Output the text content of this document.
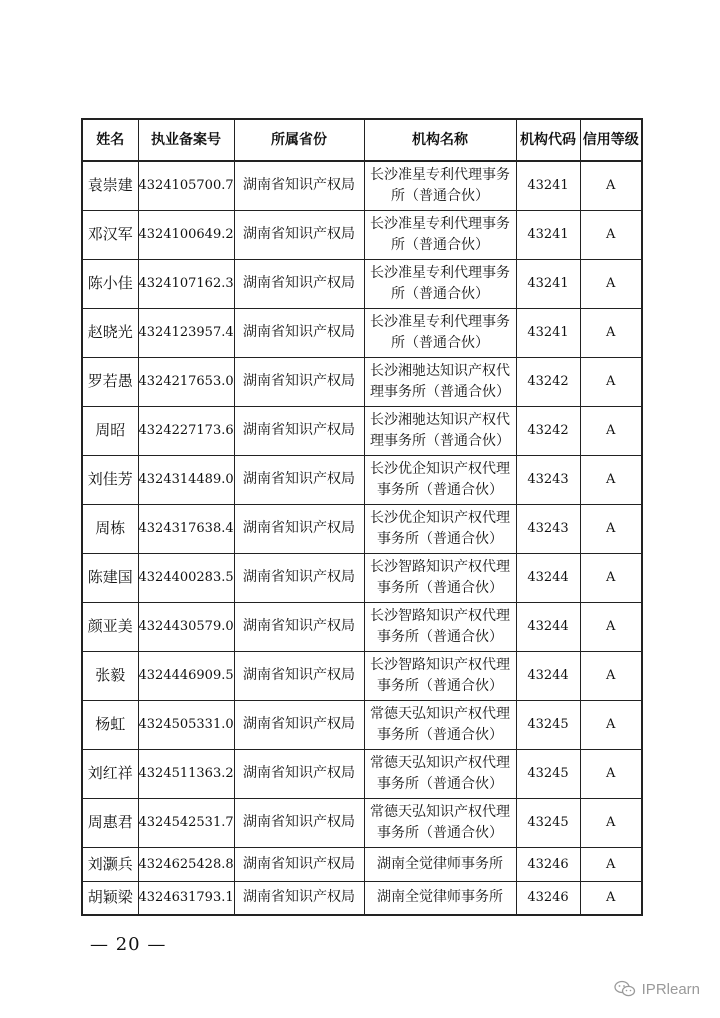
姓名	执业备案号	所属省份	机构名称	机构代码	信用等级
袁崇建	4324105700.7	湖南省知识产权局	长沙准星专利代理事务所（普通合伙）	43241	A
邓汉军	4324100649.2	湖南省知识产权局	长沙准星专利代理事务所（普通合伙）	43241	A
陈小佳	4324107162.3	湖南省知识产权局	长沙准星专利代理事务所（普通合伙）	43241	A
赵晓光	4324123957.4	湖南省知识产权局	长沙准星专利代理事务所（普通合伙）	43241	A
罗若愚	4324217653.0	湖南省知识产权局	长沙湘驰达知识产权代理事务所（普通合伙）	43242	A
周昭	4324227173.6	湖南省知识产权局	长沙湘驰达知识产权代理事务所（普通合伙）	43242	A
刘佳芳	4324314489.0	湖南省知识产权局	长沙优企知识产权代理事务所（普通合伙）	43243	A
周栋	4324317638.4	湖南省知识产权局	长沙优企知识产权代理事务所（普通合伙）	43243	A
陈建国	4324400283.5	湖南省知识产权局	长沙智路知识产权代理事务所（普通合伙）	43244	A
颜亚美	4324430579.0	湖南省知识产权局	长沙智路知识产权代理事务所（普通合伙）	43244	A
张毅	4324446909.5	湖南省知识产权局	长沙智路知识产权代理事务所（普通合伙）	43244	A
杨虹	4324505331.0	湖南省知识产权局	常德天弘知识产权代理事务所（普通合伙）	43245	A
刘红祥	4324511363.2	湖南省知识产权局	常德天弘知识产权代理事务所（普通合伙）	43245	A
周惠君	4324542531.7	湖南省知识产权局	常德天弘知识产权代理事务所（普通合伙）	43245	A
刘灏兵	4324625428.8	湖南省知识产权局	湖南全觉律师事务所	43246	A
胡颖梁	4324631793.1	湖南省知识产权局	湖南全觉律师事务所	43246	A
— 20 —
IPRlearn
